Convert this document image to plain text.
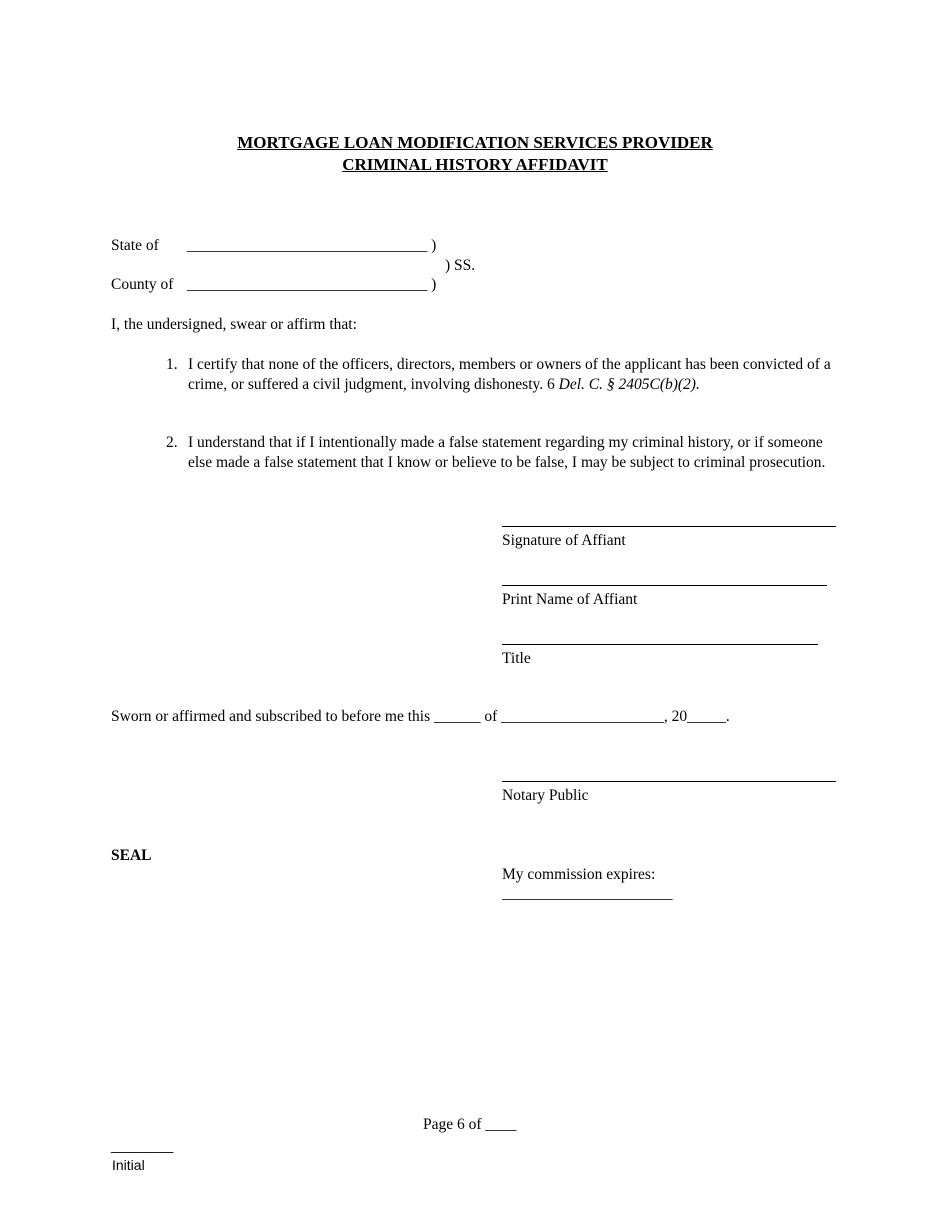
MORTGAGE LOAN MODIFICATION SERVICES PROVIDER
CRIMINAL HISTORY AFFIDAVIT
State of _______________________________ )
) SS.
County of _______________________________ )
I, the undersigned, swear or affirm that:
1. I certify that none of the officers, directors, members or owners of the applicant has been convicted of a crime, or suffered a civil judgment, involving dishonesty. 6 Del. C. § 2405C(b)(2).
2. I understand that if I intentionally made a false statement regarding my criminal history, or if someone else made a false statement that I know or believe to be false, I may be subject to criminal prosecution.
Signature of Affiant
Print Name of Affiant
Title
Sworn or affirmed and subscribed to before me this ______ of _____________________, 20_____.
Notary Public
SEAL
My commission expires:
______________________
Page 6 of ____
________
Initial
